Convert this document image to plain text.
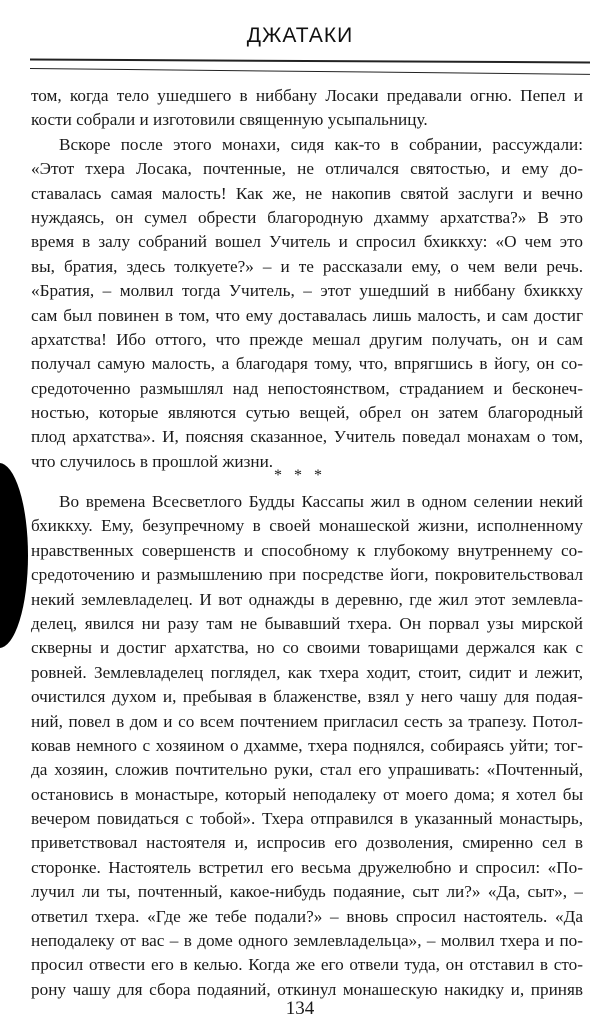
ДЖАТАКИ
том, когда тело ушедшего в ниббану Лосаки предавали огню. Пепел и
кости собрали и изготовили священную усыпальницу.
Вскоре после этого монахи, сидя как-то в собрании, рассуждали:
«Этот тхера Лосака, почтенные, не отличался святостью, и ему до-
ставалась самая малость! Как же, не накопив святой заслуги и вечно
нуждаясь, он сумел обрести благородную дхамму архатства?» В это
время в залу собраний вошел Учитель и спросил бхиккху: «О чем это
вы, братия, здесь толкуете?» – и те рассказали ему, о чем вели речь.
«Братия, – молвил тогда Учитель, – этот ушедший в ниббану бхиккху
сам был повинен в том, что ему доставалась лишь малость, и сам достиг
архатства! Ибо оттого, что прежде мешал другим получать, он и сам
получал самую малость, а благодаря тому, что, впрягшись в йогу, он со-
средоточенно размышлял над непостоянством, страданием и бесконеч-
ностью, которые являются сутью вещей, обрел он затем благородный
плод архатства». И, поясняя сказанное, Учитель поведал монахам о том,
что случилось в прошлой жизни.
* * *
Во времена Всесветлого Будды Кассапы жил в одном селении некий
бхиккху. Ему, безупречному в своей монашеской жизни, исполненному
нравственных совершенств и способному к глубокому внутреннему со-
средоточению и размышлению при посредстве йоги, покровительствовал
некий землевладелец. И вот однажды в деревню, где жил этот землевла-
делец, явился ни разу там не бывавший тхера. Он порвал узы мирской
скверны и достиг архатства, но со своими товарищами держался как с
ровней. Землевладелец поглядел, как тхера ходит, стоит, сидит и лежит,
очистился духом и, пребывая в блаженстве, взял у него чашу для подая-
ний, повел в дом и со всем почтением пригласил сесть за трапезу. Потол-
ковав немного с хозяином о дхамме, тхера поднялся, собираясь уйти; тог-
да хозяин, сложив почтительно руки, стал его упрашивать: «Почтенный,
остановись в монастыре, который неподалеку от моего дома; я хотел бы
вечером повидаться с тобой». Тхера отправился в указанный монастырь,
приветствовал настоятеля и, испросив его дозволения, смиренно сел в
сторонке. Настоятель встретил его весьма дружелюбно и спросил: «По-
лучил ли ты, почтенный, какое-нибудь подаяние, сыт ли?» «Да, сыт», –
ответил тхера. «Где же тебе подали?» – вновь спросил настоятель. «Да
неподалеку от вас – в доме одного землевладельца», – молвил тхера и по-
просил отвести его в келью. Когда же его отвели туда, он отставил в сто-
рону чашу для сбора подаяний, откинул монашескую накидку и, приняв
134
